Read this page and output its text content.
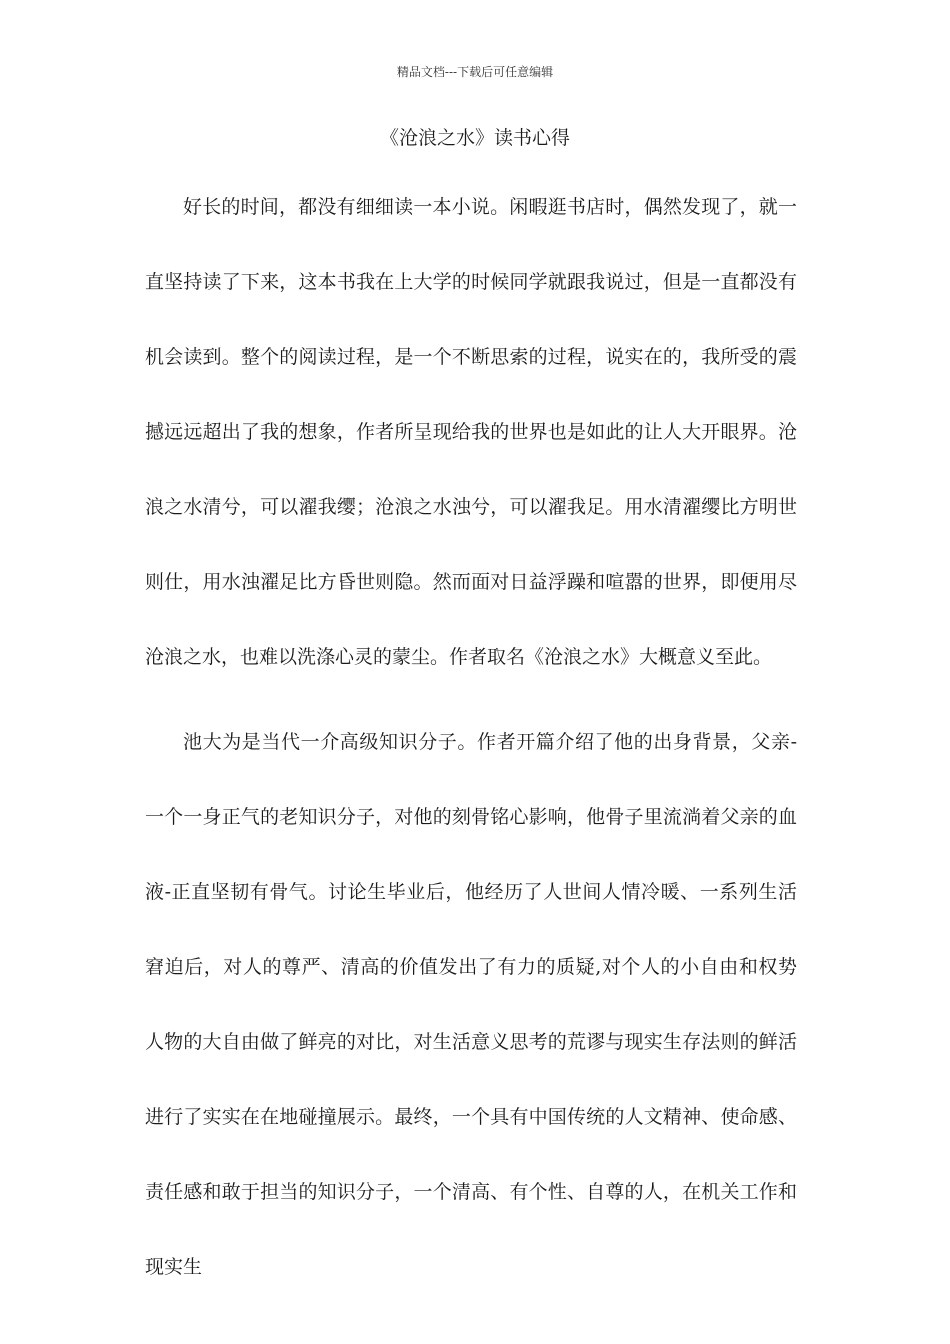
精品文档---下载后可任意编辑
《沧浪之水》读书心得

好长的时间，都没有细细读一本小说。闲暇逛书店时，偶然发现了，就一直坚持读了下来，这本书我在上大学的时候同学就跟我说过，但是一直都没有机会读到。整个的阅读过程，是一个不断思索的过程，说实在的，我所受的震撼远远超出了我的想象，作者所呈现给我的世界也是如此的让人大开眼界。沧浪之水清兮，可以濯我缨；沧浪之水浊兮，可以濯我足。用水清濯缨比方明世则仕，用水浊濯足比方昏世则隐。然而面对日益浮躁和喧嚣的世界，即便用尽沧浪之水，也难以洗涤心灵的蒙尘。作者取名《沧浪之水》大概意义至此。

池大为是当代一介高级知识分子。作者开篇介绍了他的出身背景，父亲-一个一身正气的老知识分子，对他的刻骨铭心影响，他骨子里流淌着父亲的血液-正直坚韧有骨气。讨论生毕业后，他经历了人世间人情冷暖、一系列生活窘迫后，对人的尊严、清高的价值发出了有力的质疑,对个人的小自由和权势人物的大自由做了鲜亮的对比，对生活意义思考的荒谬与现实生存法则的鲜活进行了实实在在地碰撞展示。最终，一个具有中国传统的人文精神、使命感、责任感和敢于担当的知识分子，一个清高、有个性、自尊的人，在机关工作和现实生
